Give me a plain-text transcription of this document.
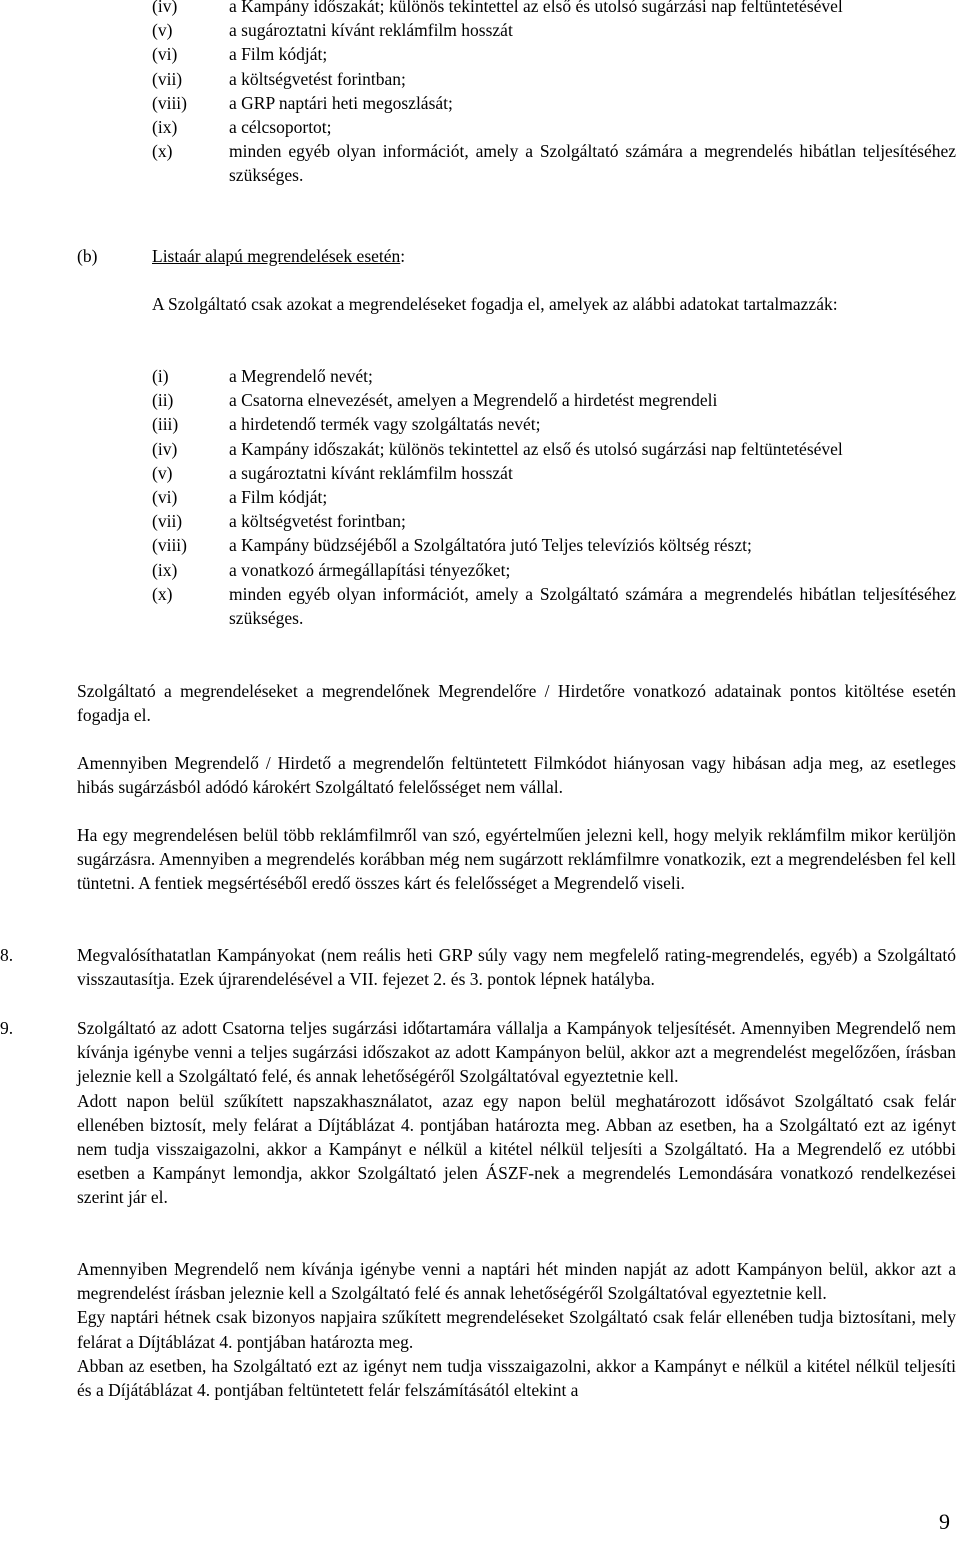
(iv)	a Kampány időszakát; különös tekintettel az első és utolsó sugárzási nap feltüntetésével
(v)	a sugároztatni kívánt reklámfilm hosszát
(vi)	a Film kódját;
(vii)	a költségvetést forintban;
(viii)	a GRP naptári heti megoszlását;
(ix)	a célcsoportot;
(x)	minden egyéb olyan információt, amely a Szolgáltató számára a megrendelés hibátlan teljesítéséhez szükséges.
(b)	Listaár alapú megrendelések esetén:
A Szolgáltató csak azokat a megrendeléseket fogadja el, amelyek az alábbi adatokat tartalmazzák:
(i)	a Megrendelő nevét;
(ii)	a Csatorna elnevezését, amelyen a Megrendelő a hirdetést megrendeli
(iii)	a hirdetendő termék vagy szolgáltatás nevét;
(iv)	a Kampány időszakát; különös tekintettel az első és utolsó sugárzási nap feltüntetésével
(v)	a sugároztatni kívánt reklámfilm hosszát
(vi)	a Film kódját;
(vii)	a költségvetést forintban;
(viii)	a Kampány büdzséjéből a Szolgáltatóra jutó Teljes televíziós költség részt;
(ix)	a vonatkozó ármegállapítási tényezőket;
(x)	minden egyéb olyan információt, amely a Szolgáltató számára a megrendelés hibátlan teljesítéséhez szükséges.

Szolgáltató a megrendeléseket a megrendelőnek Megrendelőre / Hirdetőre vonatkozó adatainak pontos kitöltése esetén fogadja el.

Amennyiben Megrendelő / Hirdető a megrendelőn feltüntetett Filmkódot hiányosan vagy hibásan adja meg, az esetleges hibás sugárzásból adódó károkért Szolgáltató felelősséget nem vállal.

Ha egy megrendelésen belül több reklámfilmről van szó, egyértelműen jelezni kell, hogy melyik reklámfilm mikor kerüljön sugárzásra. Amennyiben a megrendelés korábban még nem sugárzott reklámfilmre vonatkozik, ezt a megrendelésben fel kell tüntetni. A fentiek megsértéséből eredő összes kárt és felelősséget a Megrendelő viseli.

8.	Megvalósíthatatlan Kampányokat (nem reális heti GRP súly vagy nem megfelelő rating-megrendelés, egyéb) a Szolgáltató visszautasítja. Ezek újrarendelésével a VII. fejezet 2. és 3. pontok lépnek hatályba.

9.	Szolgáltató az adott Csatorna teljes sugárzási időtartamára vállalja a Kampányok teljesítését. Amennyiben Megrendelő nem kívánja igénybe venni a teljes sugárzási időszakot az adott Kampányon belül, akkor azt a megrendelést megelőzően, írásban jeleznie kell a Szolgáltató felé, és annak lehetőségéről Szolgáltatóval egyeztetnie kell.

Adott napon belül szűkített napszakhasználatot, azaz egy napon belül meghatározott idősávot Szolgáltató csak felár ellenében biztosít, mely felárat a Díjtáblázat 4. pontjában határozta meg. Abban az esetben, ha a Szolgáltató ezt az igényt nem tudja visszaigazolni, akkor a Kampányt e nélkül a kitétel nélkül teljesíti a Szolgáltató. Ha a Megrendelő ez utóbbi esetben a Kampányt lemondja, akkor Szolgáltató jelen ÁSZF-nek a megrendelés Lemondására vonatkozó rendelkezései szerint jár el.

Amennyiben Megrendelő nem kívánja igénybe venni a naptári hét minden napját az adott Kampányon belül, akkor azt a megrendelést írásban jeleznie kell a Szolgáltató felé és annak lehetőségéről Szolgáltatóval egyeztetnie kell.

Egy naptári hétnek csak bizonyos napjaira szűkített megrendeléseket Szolgáltató csak felár ellenében tudja biztosítani, mely felárat a Díjtáblázat 4. pontjában határozta meg.

Abban az esetben, ha Szolgáltató ezt az igényt nem tudja visszaigazolni, akkor a Kampányt e nélkül a kitétel nélkül teljesíti és a Díjátáblázat 4. pontjában feltüntetett felár felszámításától eltekint a

9
